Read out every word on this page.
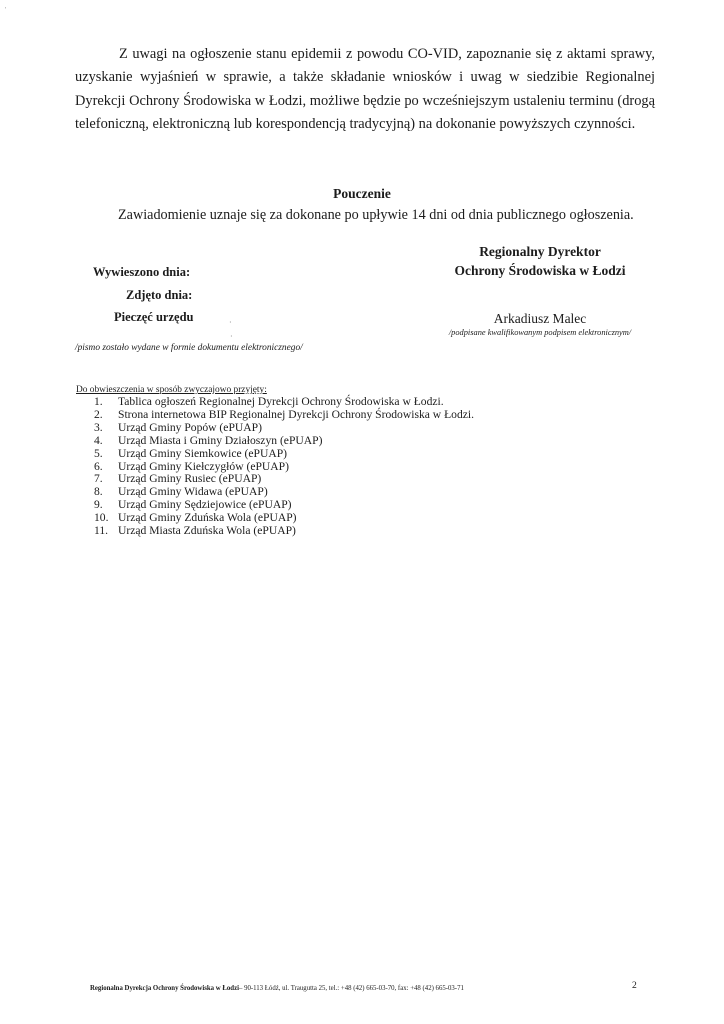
'

Z uwagi na ogłoszenie stanu epidemii z powodu CO-VID, zapoznanie się z aktami sprawy, uzyskanie wyjaśnień w sprawie, a także składanie wniosków i uwag w siedzibie Regionalnej Dyrekcji Ochrony Środowiska w Łodzi, możliwe będzie po wcześniejszym ustaleniu terminu (drogą telefoniczną, elektroniczną lub korespondencją tradycyjną) na dokonanie powyższych czynności.

Pouczenie

Zawiadomienie uznaje się za dokonane po upływie 14 dni od dnia publicznego ogłoszenia.

Regionalny Dyrektor
Ochrony Środowiska w Łodzi
Wywieszono dnia:
Zdjęto dnia:
Pieczęć urzędu	·
·
Arkadiusz Malec
/podpisane kwalifikowanym podpisem elektronicznym/
/pismo zostało wydane w formie dokumentu elektronicznego/
Do obwieszczenia w sposób zwyczajowo przyjęty:
1.	Tablica ogłoszeń Regionalnej Dyrekcji Ochrony Środowiska w Łodzi.
2.	Strona internetowa BIP Regionalnej Dyrekcji Ochrony Środowiska w Łodzi.
3.	Urząd Gminy Popów (ePUAP)
4.	Urząd Miasta i Gminy Działoszyn (ePUAP)
5.	Urząd Gminy Siemkowice (ePUAP)
6.	Urząd Gminy Kiełczygłów (ePUAP)
7.	Urząd Gminy Rusiec (ePUAP)
8.	Urząd Gminy Widawa (ePUAP)
9.	Urząd Gminy Sędziejowice (ePUAP)
10. Urząd Gminy Zduńska Wola (ePUAP)
11. Urząd Miasta Zduńska Wola (ePUAP)
Regionalna Dyrekcja Ochrony Środowiska w Łodzi– 90-113 Łódź, ul. Traugutta 25, tel.: +48 (42) 665-03-70, fax: +48 (42) 665-03-71	2
